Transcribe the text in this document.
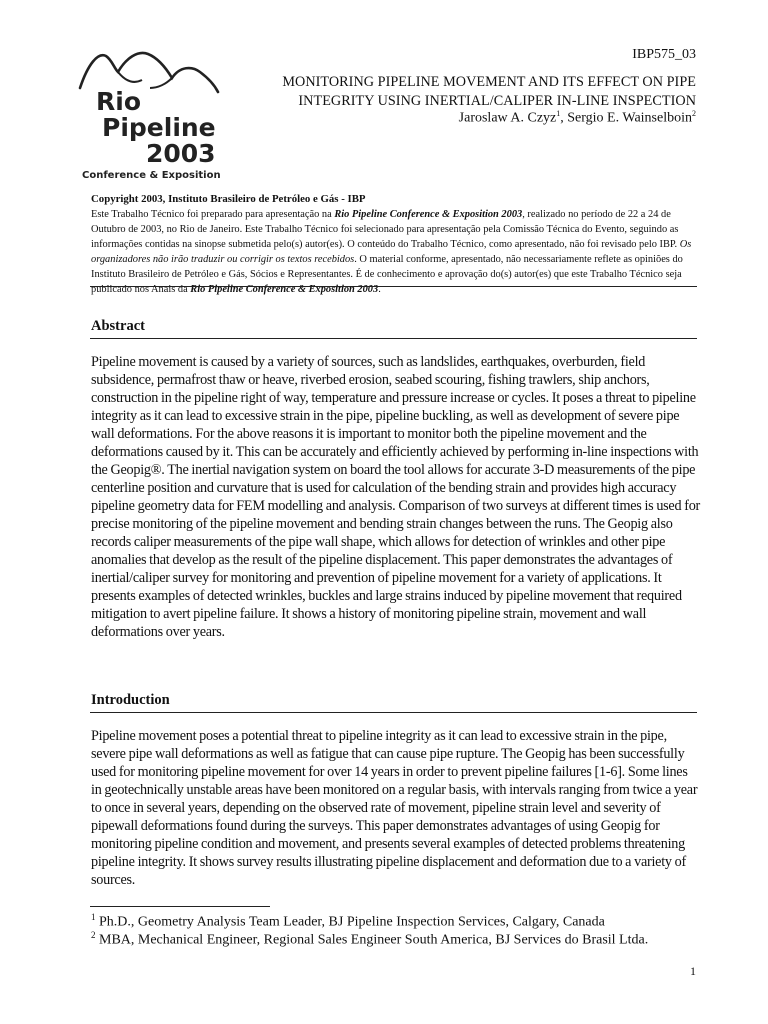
Rio
Pipeline
2003
Conference & Exposition
IBP575_03
MONITORING PIPELINE MOVEMENT AND ITS EFFECT ON PIPE INTEGRITY USING INERTIAL/CALIPER IN-LINE INSPECTION
Jaroslaw A. Czyz$^1$, Sergio E. Wainselboin$^2$
Copyright 2003, Instituto Brasileiro de Petróleo e Gás - IBP
Este Trabalho Técnico foi preparado para apresentação na Rio Pipeline Conference & Exposition 2003, realizado no período de 22 a 24 de Outubro de 2003, no Rio de Janeiro. Este Trabalho Técnico foi selecionado para apresentação pela Comissão Técnica do Evento, seguindo as informações contidas na sinopse submetida pelo(s) autor(es). O conteúdo do Trabalho Técnico, como apresentado, não foi revisado pelo IBP. Os organizadores não irão traduzir ou corrigir os textos recebidos. O material conforme, apresentado, não necessariamente reflete as opiniões do Instituto Brasileiro de Petróleo e Gás, Sócios e Representantes. É de conhecimento e aprovação do(s) autor(es) que este Trabalho Técnico seja publicado nos Anais da Rio Pipeline Conference & Exposition 2003.
Abstract
Pipeline movement is caused by a variety of sources, such as landslides, earthquakes, overburden, field subsidence, permafrost thaw or heave, riverbed erosion, seabed scouring, fishing trawlers, ship anchors, construction in the pipeline right of way, temperature and pressure increase or cycles. It poses a threat to pipeline integrity as it can lead to excessive strain in the pipe, pipeline buckling, as well as development of severe pipe wall deformations. For the above reasons it is important to monitor both the pipeline movement and the deformations caused by it. This can be accurately and efficiently achieved by performing in-line inspections with the Geopig®. The inertial navigation system on board the tool allows for accurate 3-D measurements of the pipe centerline position and curvature that is used for calculation of the bending strain and provides high accuracy pipeline geometry data for FEM modelling and analysis. Comparison of two surveys at different times is used for precise monitoring of the pipeline movement and bending strain changes between the runs. The Geopig also records caliper measurements of the pipe wall shape, which allows for detection of wrinkles and other pipe anomalies that develop as the result of the pipeline displacement. This paper demonstrates the advantages of inertial/caliper survey for monitoring and prevention of pipeline movement for a variety of applications. It presents examples of detected wrinkles, buckles and large strains induced by pipeline movement that required mitigation to avert pipeline failure. It shows a history of monitoring pipeline strain, movement and wall deformations over years.
Introduction
Pipeline movement poses a potential threat to pipeline integrity as it can lead to excessive strain in the pipe, severe pipe wall deformations as well as fatigue that can cause pipe rupture. The Geopig has been successfully used for monitoring pipeline movement for over 14 years in order to prevent pipeline failures [1-6]. Some lines in geotechnically unstable areas have been monitored on a regular basis, with intervals ranging from twice a year to once in several years, depending on the observed rate of movement, pipeline strain level and severity of pipewall deformations found during the surveys. This paper demonstrates advantages of using Geopig for monitoring pipeline condition and movement, and presents several examples of detected problems threatening pipeline integrity. It shows survey results illustrating pipeline displacement and deformation due to a variety of sources.
$^1$ Ph.D., Geometry Analysis Team Leader, BJ Pipeline Inspection Services, Calgary, Canada
$^2$ MBA, Mechanical Engineer, Regional Sales Engineer South America, BJ Services do Brasil Ltda.
1
